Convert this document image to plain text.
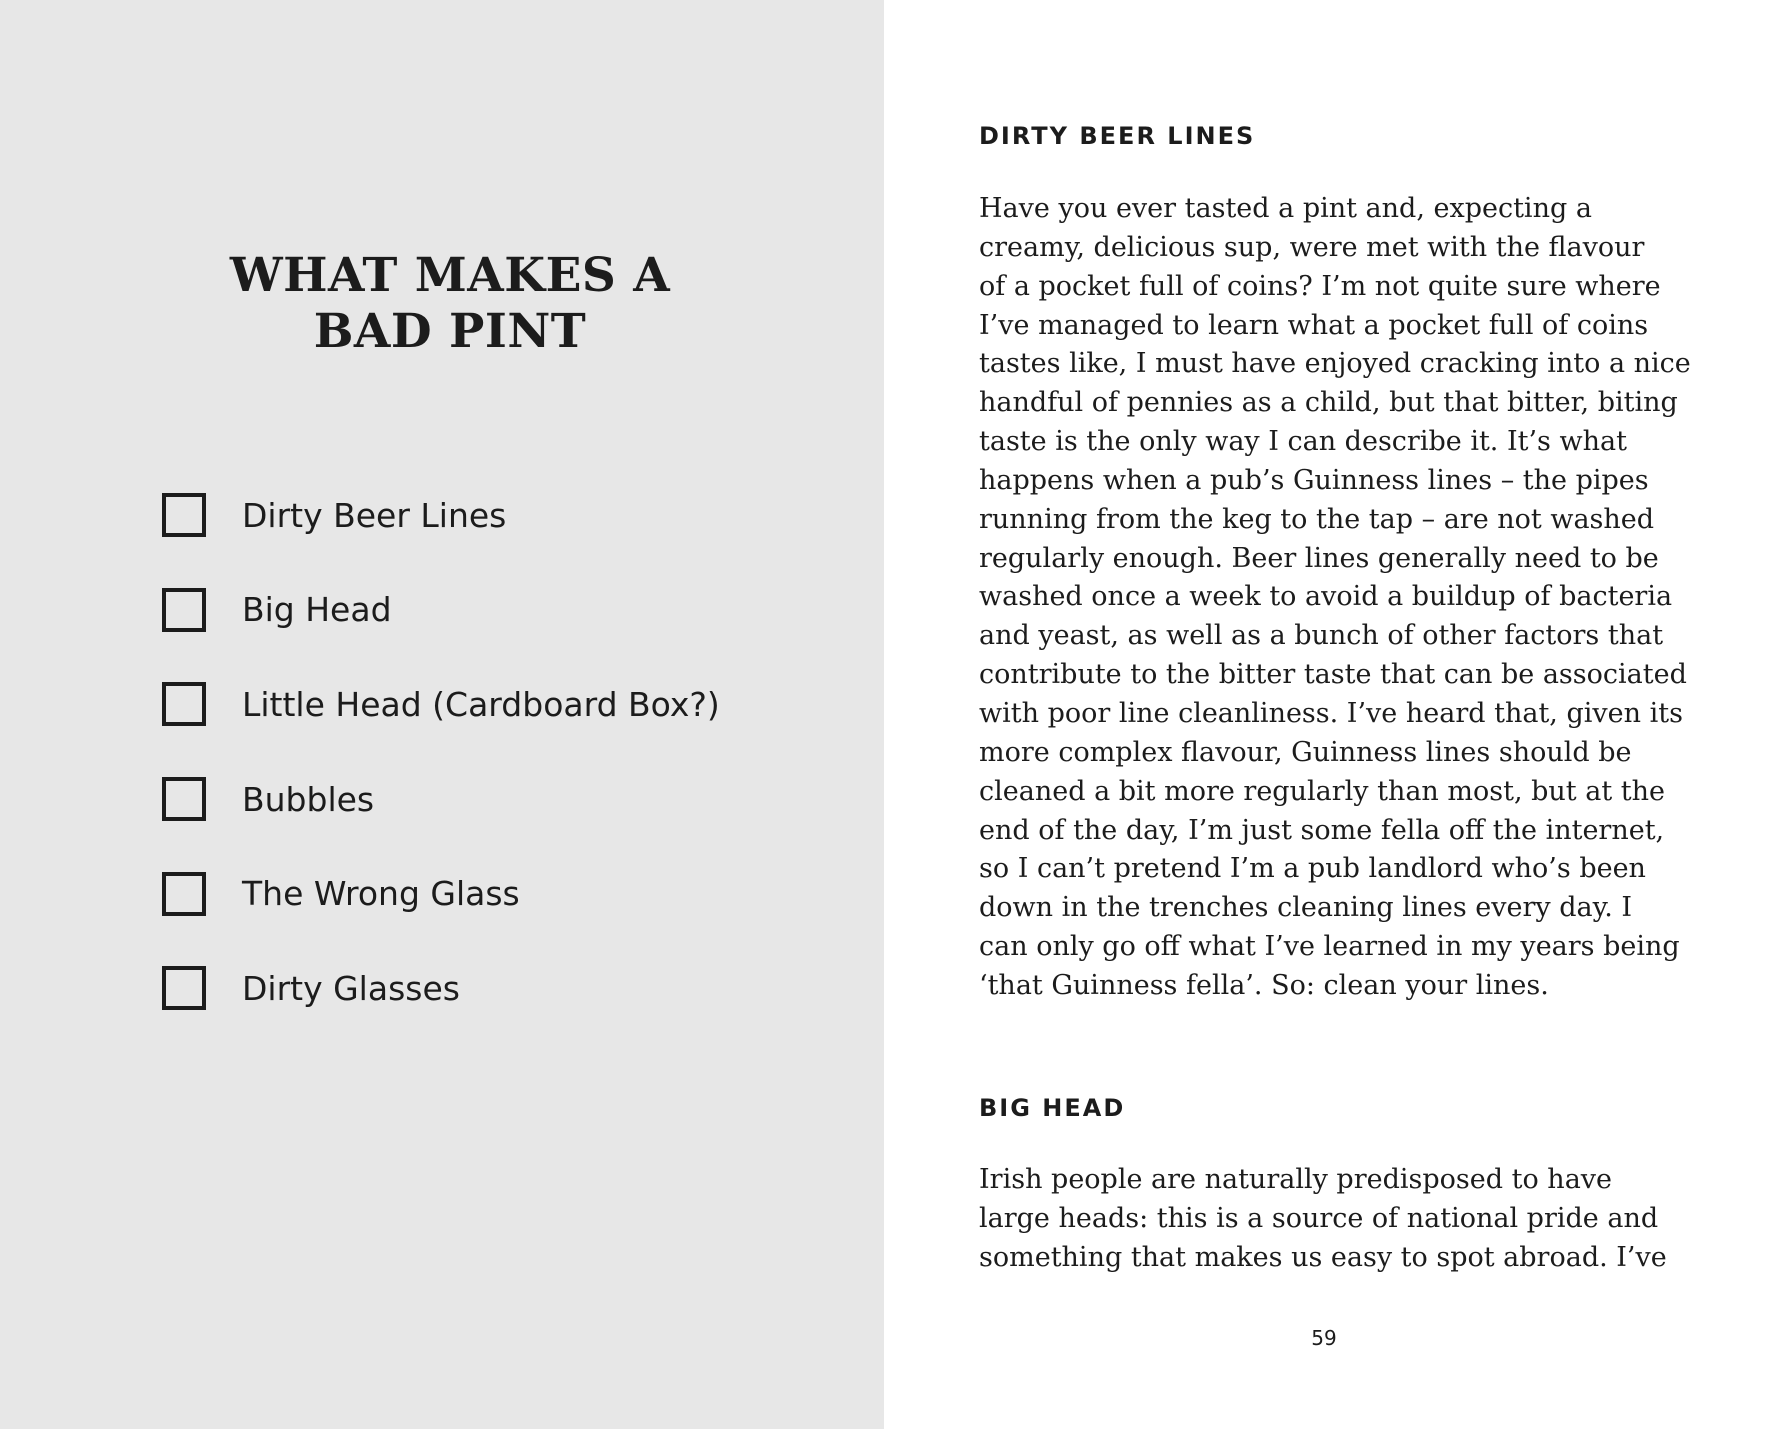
WHAT MAKES A
BAD PINT
Dirty Beer Lines
Big Head
Little Head (Cardboard Box?)
Bubbles
The Wrong Glass
Dirty Glasses
DIRTY BEER LINES

Have you ever tasted a pint and, expecting a
creamy, delicious sup, were met with the flavour
of a pocket full of coins? I’m not quite sure where
I’ve managed to learn what a pocket full of coins
tastes like, I must have enjoyed cracking into a nice
handful of pennies as a child, but that bitter, biting
taste is the only way I can describe it. It’s what
happens when a pub’s Guinness lines – the pipes
running from the keg to the tap – are not washed
regularly enough. Beer lines generally need to be
washed once a week to avoid a buildup of bacteria
and yeast, as well as a bunch of other factors that
contribute to the bitter taste that can be associated
with poor line cleanliness. I’ve heard that, given its
more complex flavour, Guinness lines should be
cleaned a bit more regularly than most, but at the
end of the day, I’m just some fella off the internet,
so I can’t pretend I’m a pub landlord who’s been
down in the trenches cleaning lines every day. I
can only go off what I’ve learned in my years being
‘that Guinness fella’. So: clean your lines.

BIG HEAD

Irish people are naturally predisposed to have
large heads: this is a source of national pride and
something that makes us easy to spot abroad. I’ve

59
